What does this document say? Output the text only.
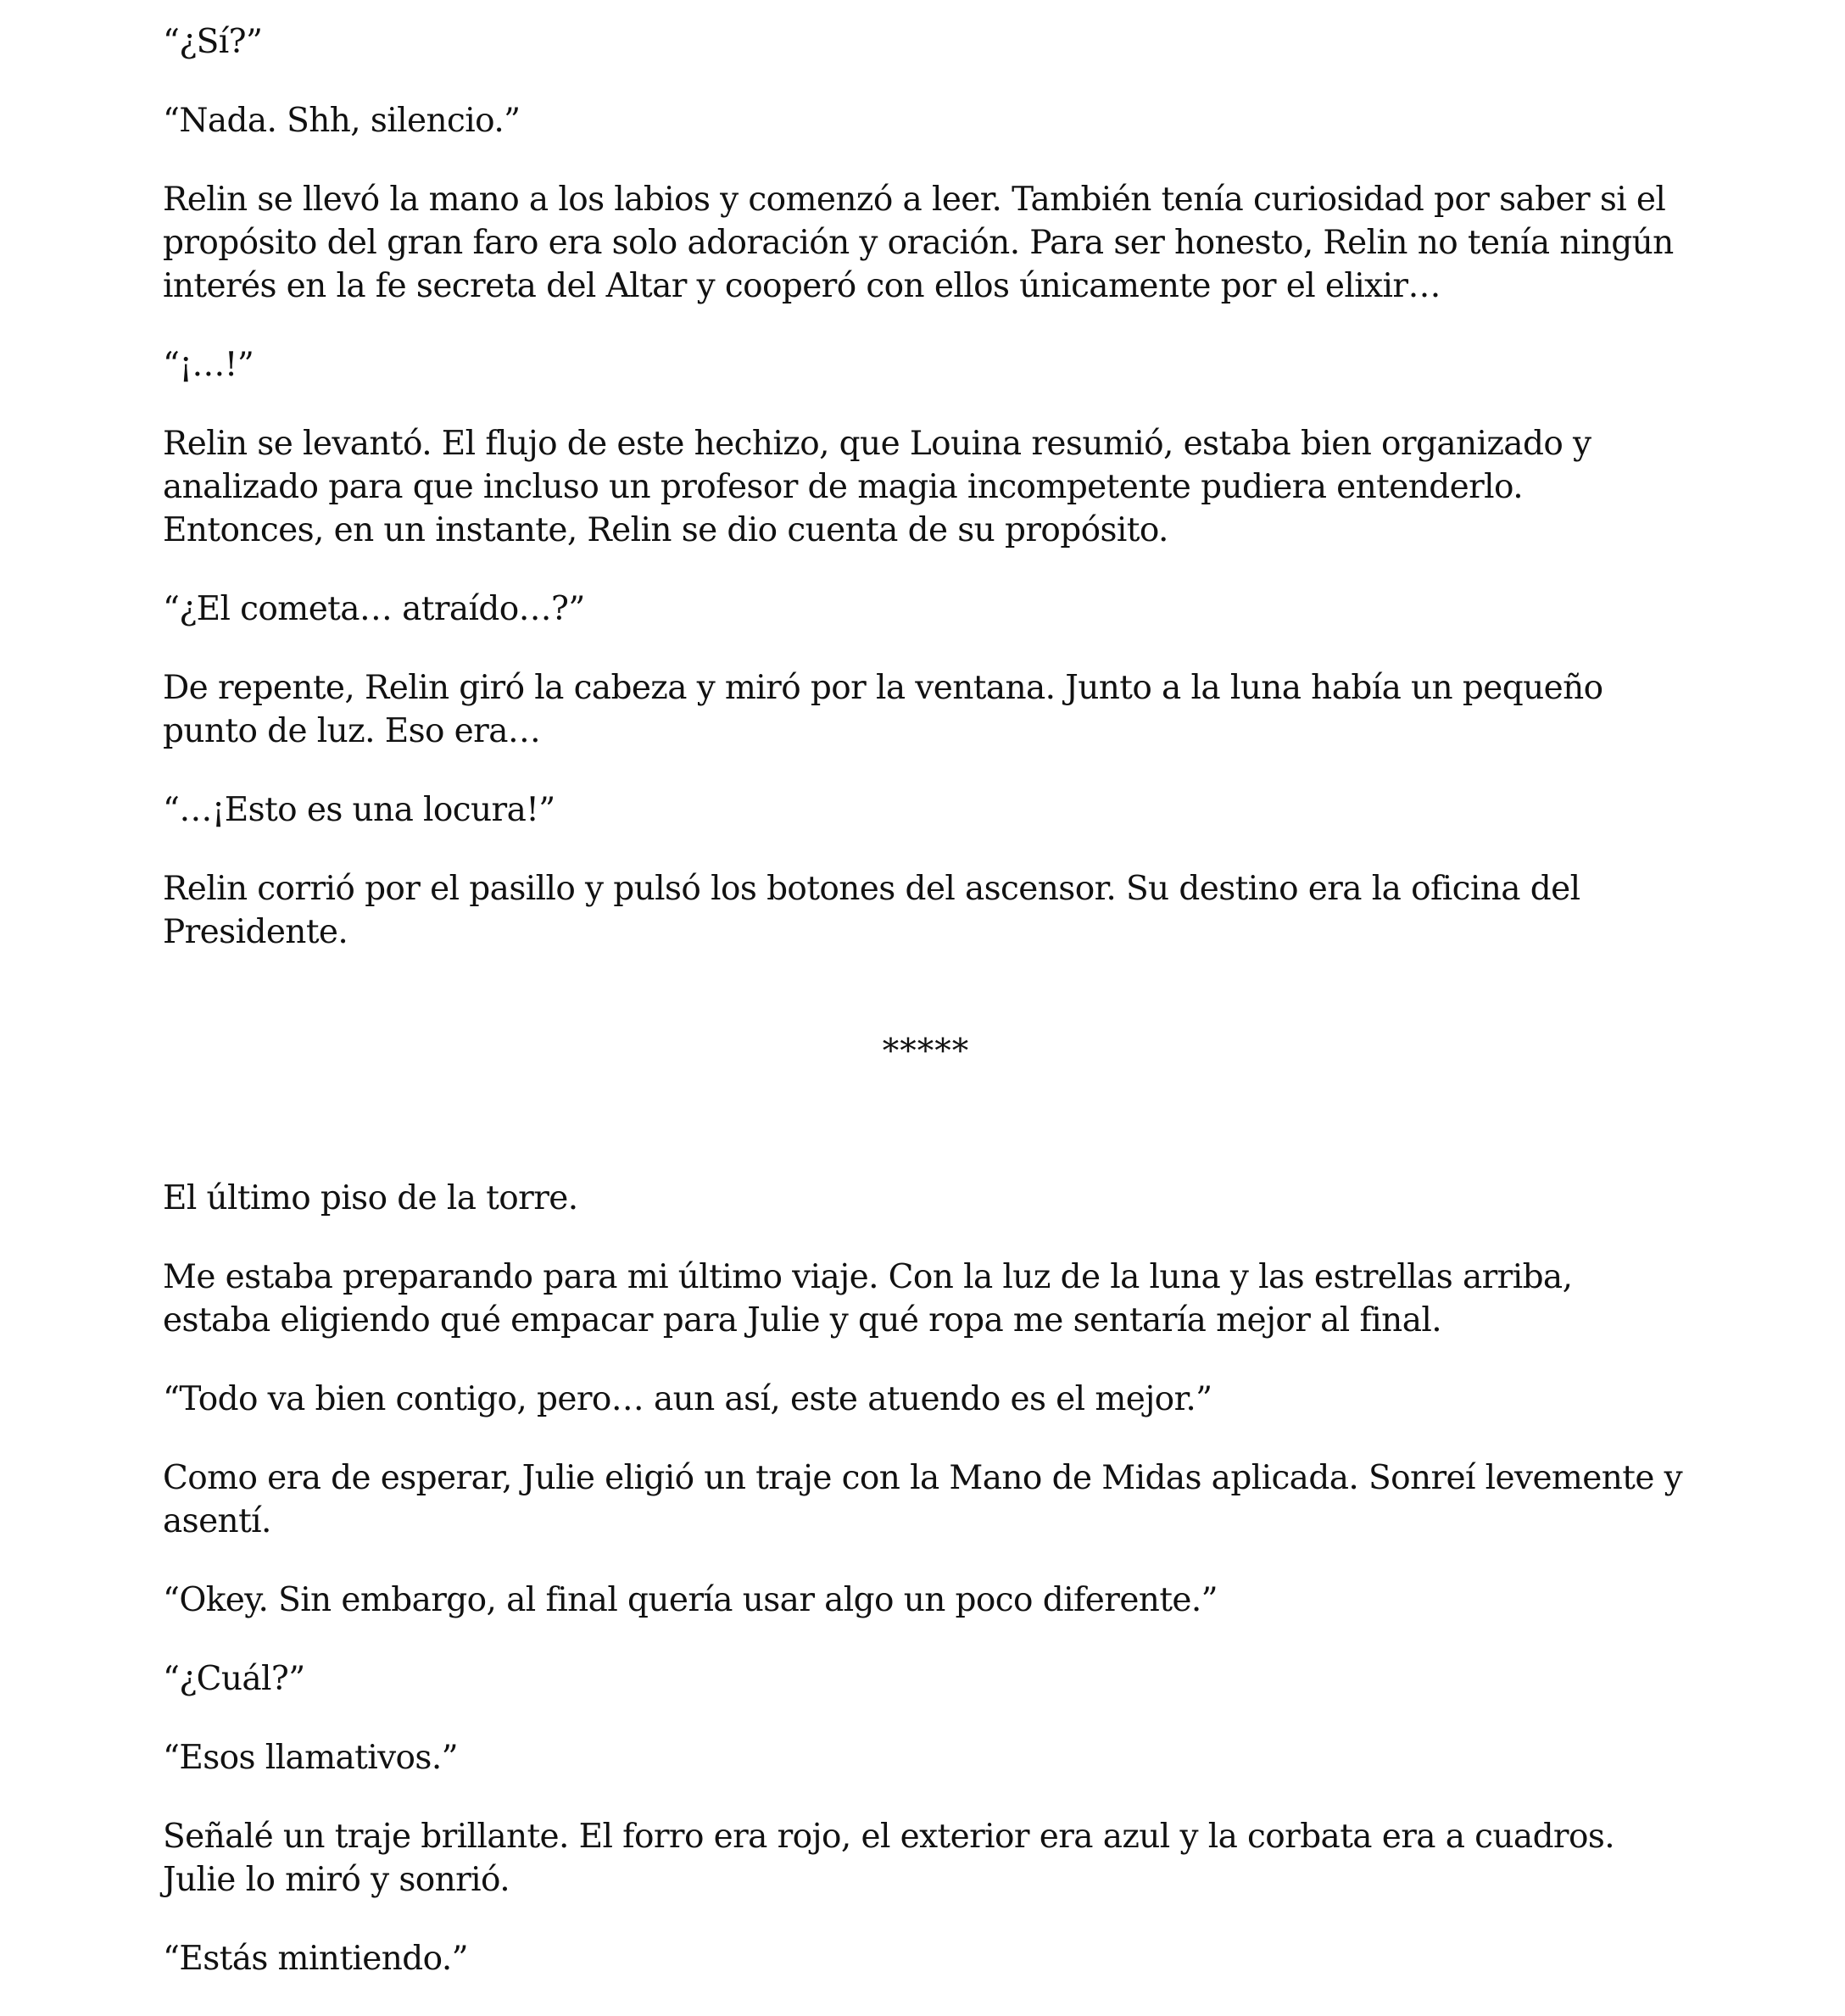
“¿Sí?”

“Nada. Shh, silencio.”

Relin se llevó la mano a los labios y comenzó a leer. También tenía curiosidad por saber si el propósito del gran faro era solo adoración y oración. Para ser honesto, Relin no tenía ningún interés en la fe secreta del Altar y cooperó con ellos únicamente por el elixir…

“¡…!”

Relin se levantó. El flujo de este hechizo, que Louina resumió, estaba bien organizado y analizado para que incluso un profesor de magia incompetente pudiera entenderlo. Entonces, en un instante, Relin se dio cuenta de su propósito.

“¿El cometa… atraído…?”

De repente, Relin giró la cabeza y miró por la ventana. Junto a la luna había un pequeño punto de luz. Eso era…

“…¡Esto es una locura!”

Relin corrió por el pasillo y pulsó los botones del ascensor. Su destino era la oficina del Presidente.

*****

El último piso de la torre.

Me estaba preparando para mi último viaje. Con la luz de la luna y las estrellas arriba, estaba eligiendo qué empacar para Julie y qué ropa me sentaría mejor al final.

“Todo va bien contigo, pero… aun así, este atuendo es el mejor.”

Como era de esperar, Julie eligió un traje con la Mano de Midas aplicada. Sonreí levemente y asentí.

“Okey. Sin embargo, al final quería usar algo un poco diferente.”

“¿Cuál?”

“Esos llamativos.”

Señalé un traje brillante. El forro era rojo, el exterior era azul y la corbata era a cuadros. Julie lo miró y sonrió.

“Estás mintiendo.”
